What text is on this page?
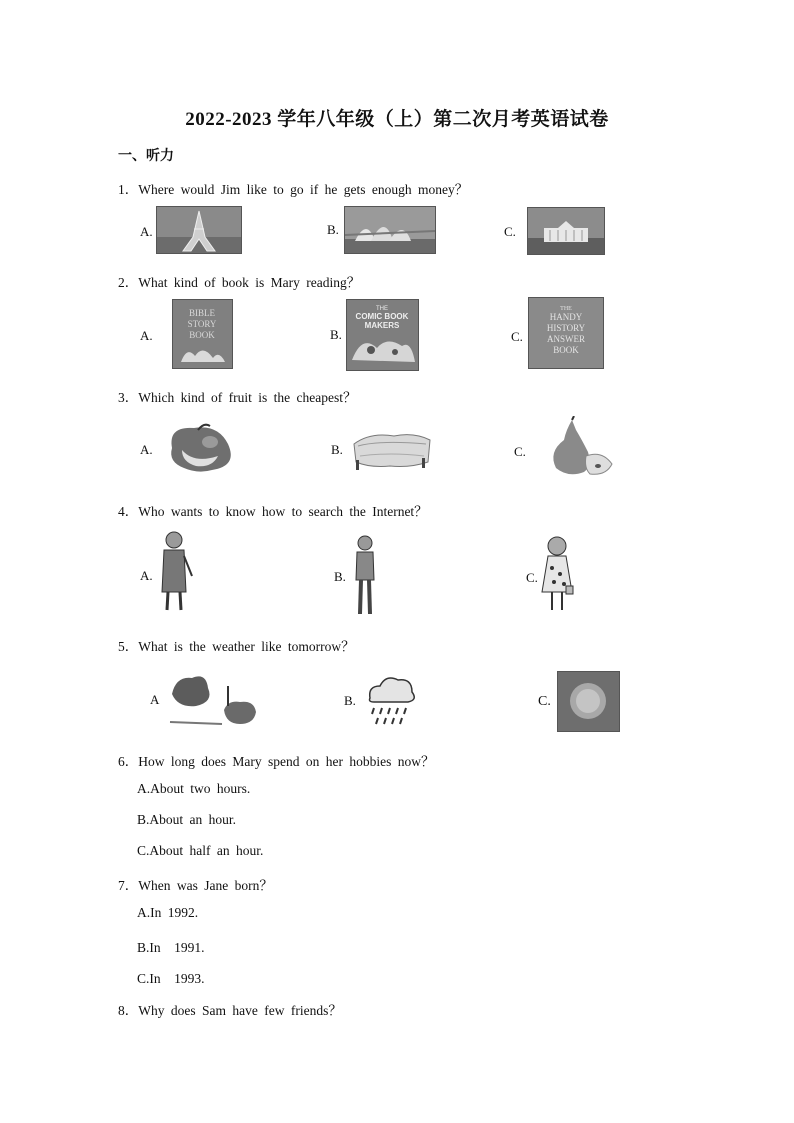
2022-2023 学年八年级（上）第二次月考英语试卷
一、听力
1．Where would Jim like to go if he gets enough money？
A.	B.	C.
2．What kind of book is Mary reading？
A.
BIBLE
STORY
BOOK	B.
THE
COMIC BOOK
MAKERS
C.
THE
HANDY
HISTORY
ANSWER
BOOK
3．Which kind of fruit is the cheapest？
A.	B.	C.
4．Who wants to know how to search the Internet？
A.	B.	C.
5．What is the weather like tomorrow？
A	B.	C.
6．How long does Mary spend on her hobbies now？
A.About two hours.
B.About an hour.
C.About half an hour.
7．When was Jane born？
A.In 1992.
B.In　1991.
C.In　1993.
8．Why does Sam have few friends？
